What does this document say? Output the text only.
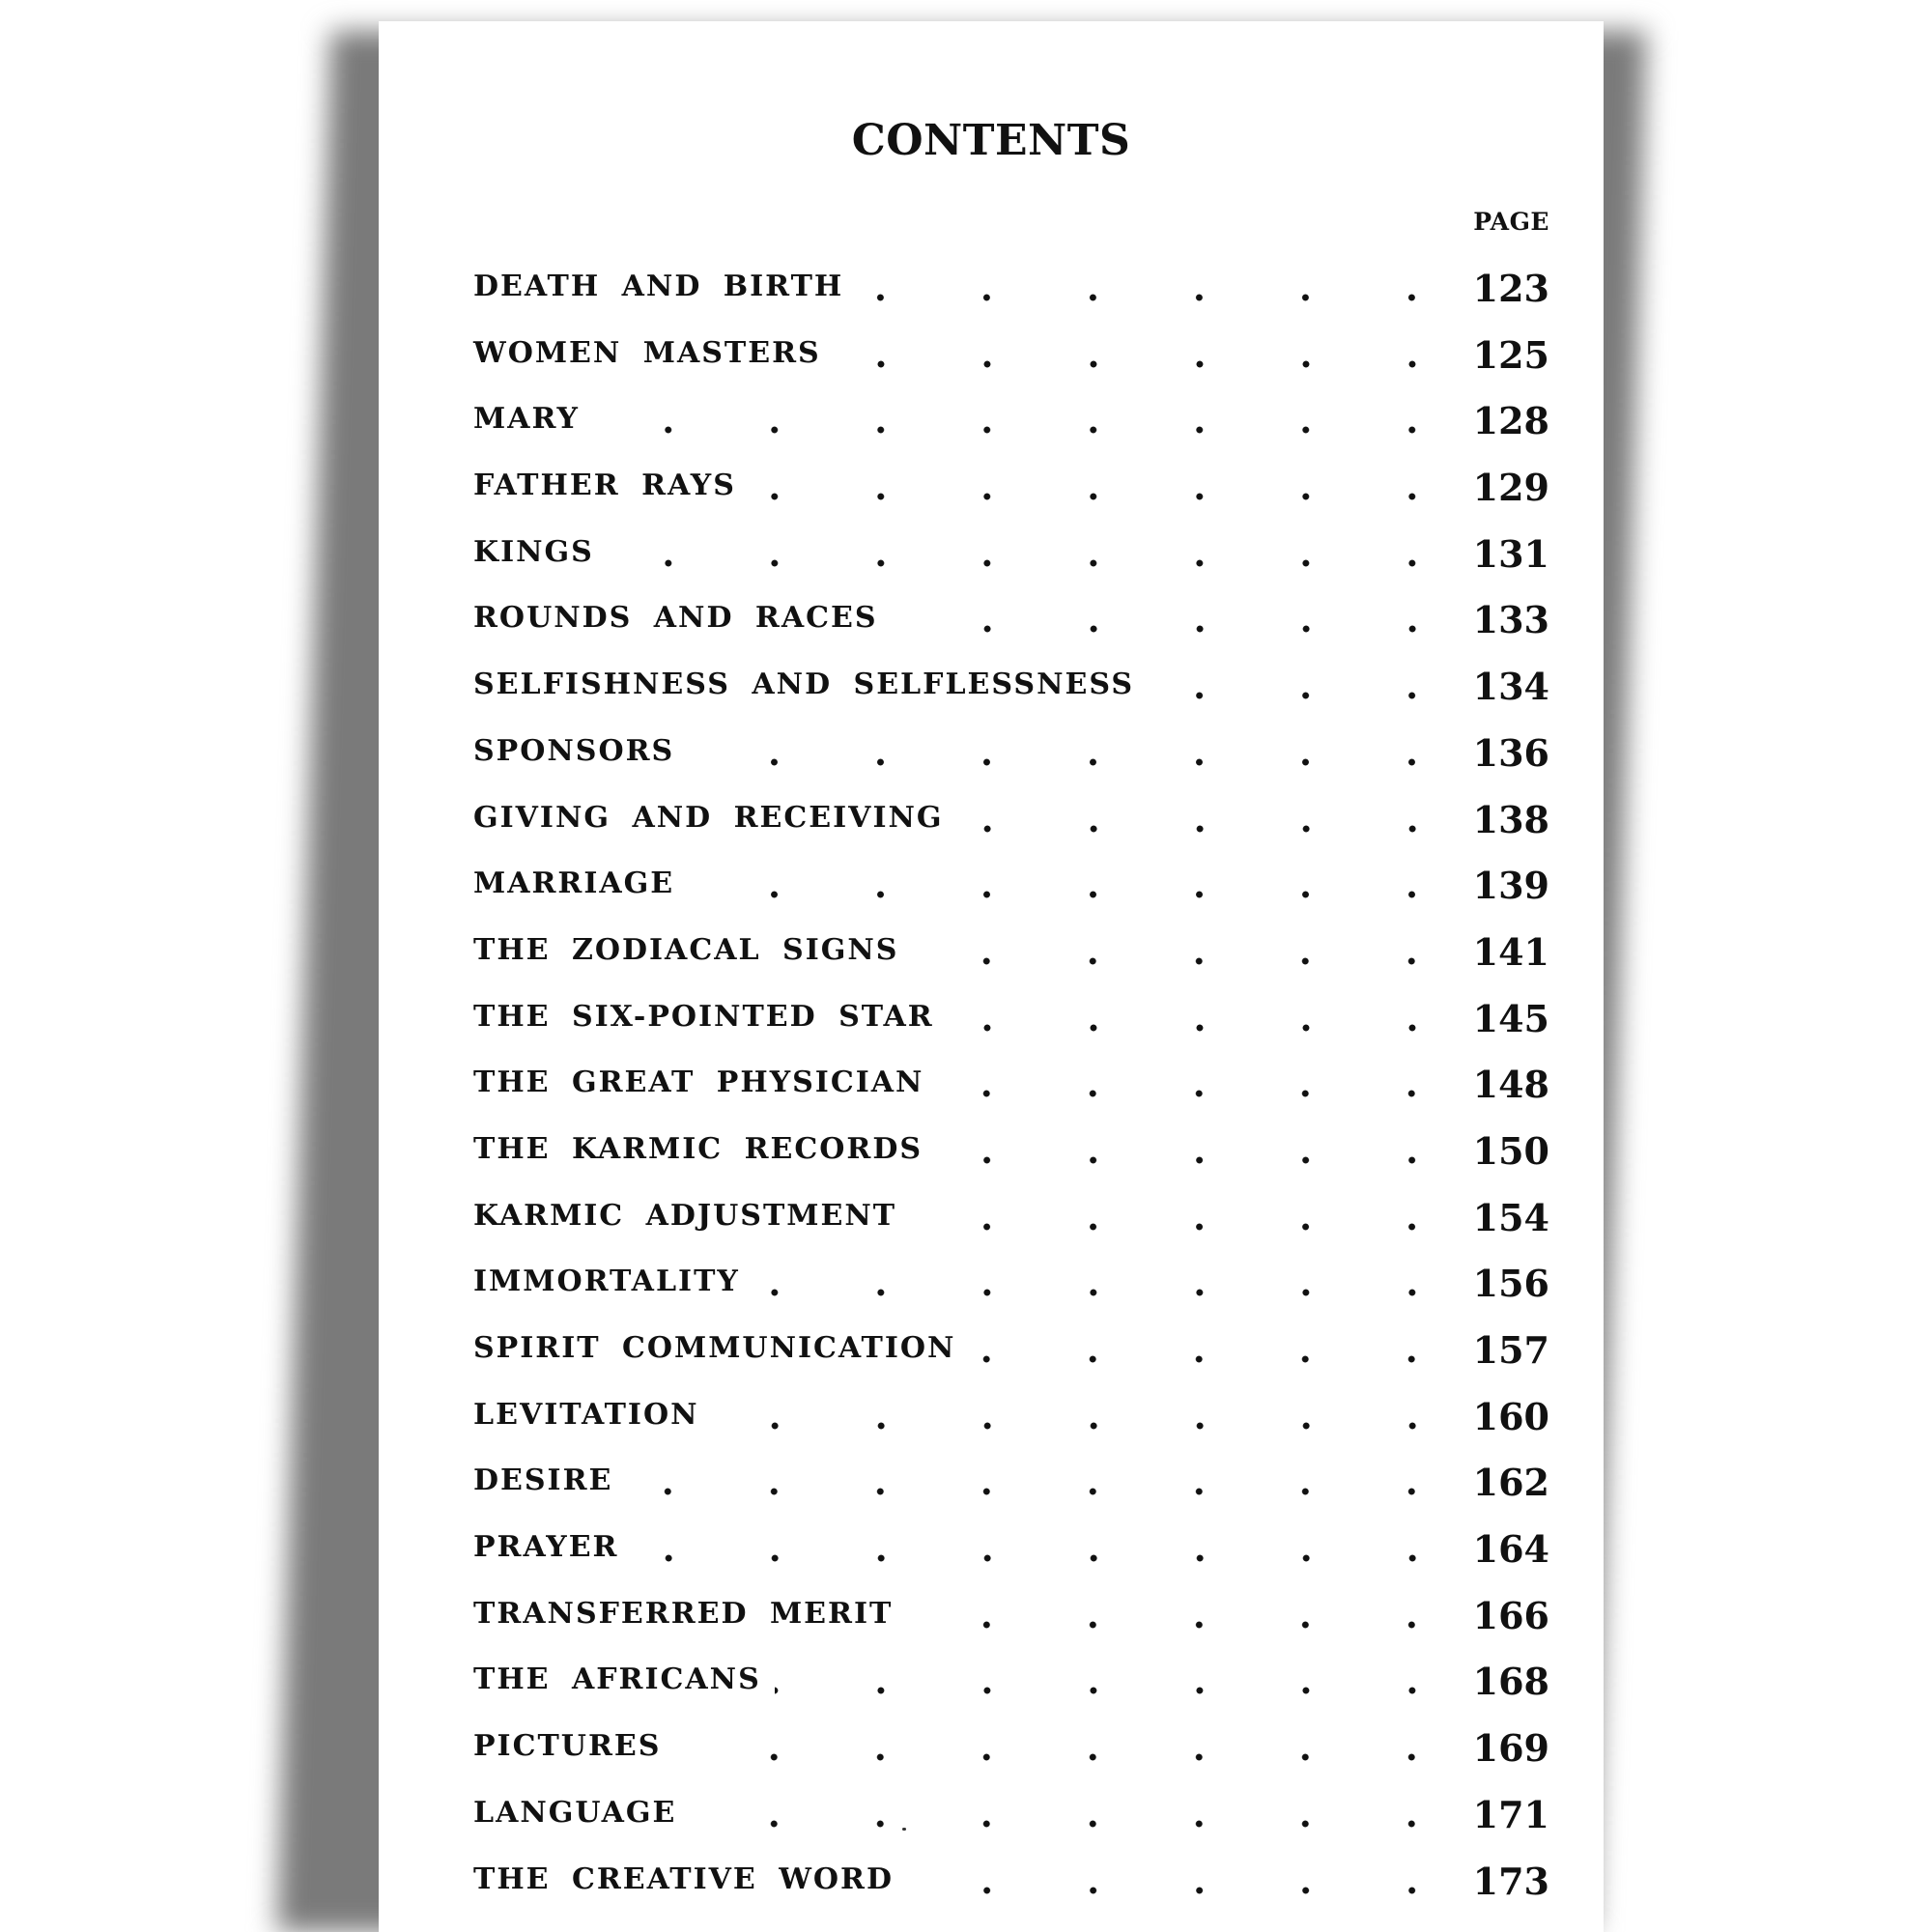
CONTENTS
PAGE
DEATH AND BIRTH	123
WOMEN MASTERS	125
MARY	128
FATHER RAYS	129
KINGS	131
ROUNDS AND RACES	133
SELFISHNESS AND SELFLESSNESS	134
SPONSORS	136
GIVING AND RECEIVING	138
MARRIAGE	139
THE ZODIACAL SIGNS	141
THE SIX-POINTED STAR	145
THE GREAT PHYSICIAN	148
THE KARMIC RECORDS	150
KARMIC ADJUSTMENT	154
IMMORTALITY	156
SPIRIT COMMUNICATION	157
LEVITATION	160
DESIRE	162
PRAYER	164
TRANSFERRED MERIT	166
THE AFRICANS	168
PICTURES	169
LANGUAGE	171
THE CREATIVE WORD	173
